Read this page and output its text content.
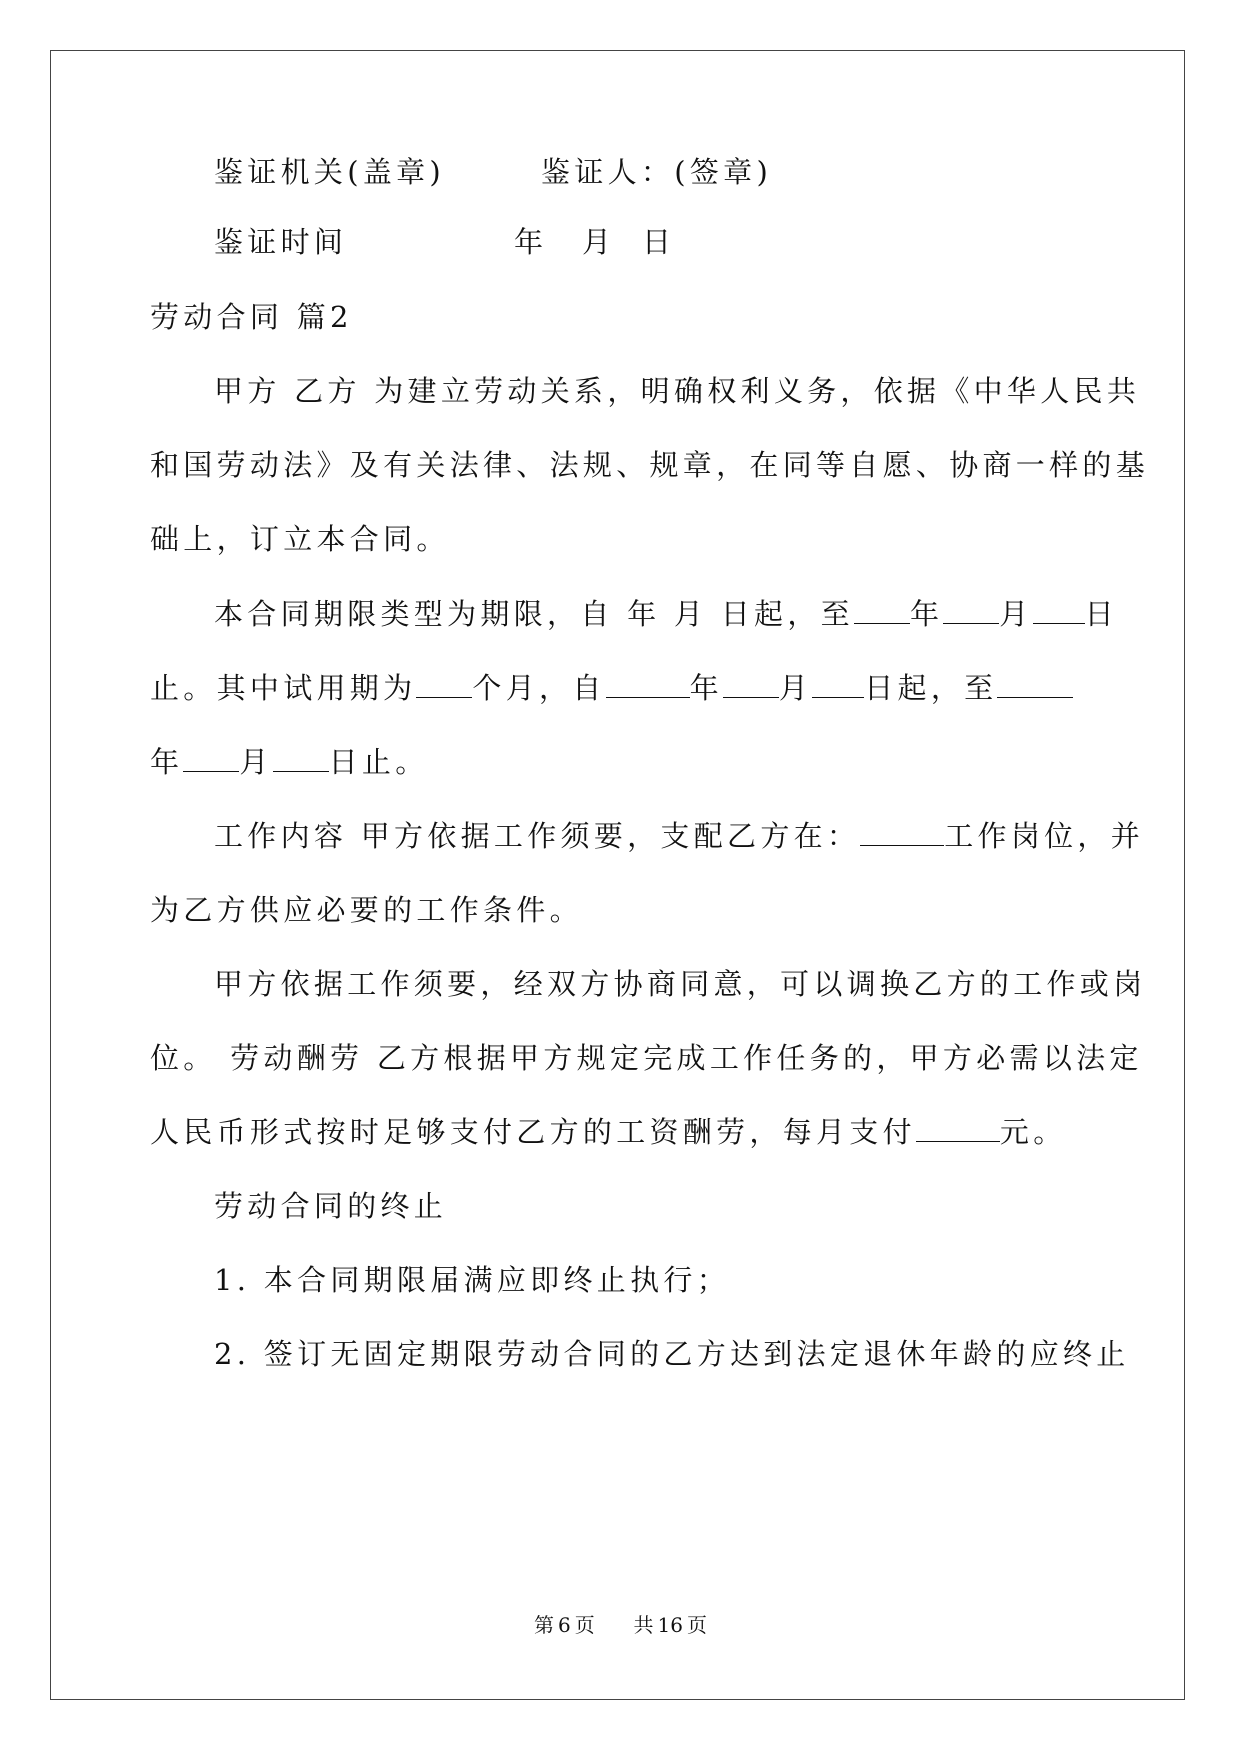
鉴证机关(盖章)	鉴证人：(签章)
鉴证时间	年 月 日
劳动合同 篇2
甲方 乙方 为建立劳动关系，明确权利义务，依据《中华人民共
和国劳动法》及有关法律、法规、规章，在同等自愿、协商一样的基
础上，订立本合同。
本合同期限类型为期限，自 年 月 日起，至 年 月 日
止。其中试用期为 个月，自	年 月 日起，至
年 月 日止。
工作内容 甲方依据工作须要，支配乙方在：	工作岗位，并
为乙方供应必要的工作条件。
甲方依据工作须要，经双方协商同意，可以调换乙方的工作或岗
位。 劳动酬劳 乙方根据甲方规定完成工作任务的，甲方必需以法定
人民币形式按时足够支付乙方的工资酬劳，每月支付	元。
劳动合同的终止
1. 本合同期限届满应即终止执行；
2. 签订无固定期限劳动合同的乙方达到法定退休年龄的应终止
第 6 页 共 16 页
